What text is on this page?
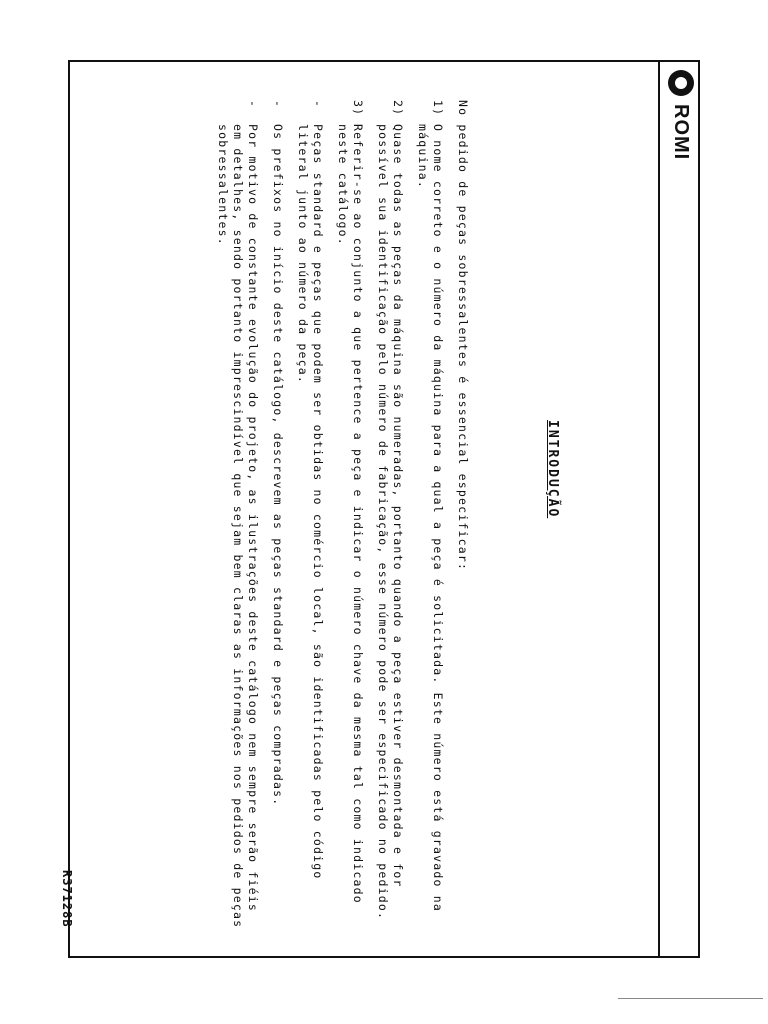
ROMI
INTRODUÇÃO

No pedido de peças sobressalentes é essencial especificar:

1)
O nome correto e o número da máquina para a qual a peça é solicitada. Este número está gravado na máquina.
2)
Quase todas as peças da máquina são numeradas, portanto quando a peça estiver desmontada e for possível sua identificação pelo número de fabricação, esse número pode ser especificado no pedido.
3)
Referir-se ao conjunto a que pertence a peça e indicar o número chave da mesma tal como indicado neste catálogo.
-
Peças standard e peças que podem ser obtidas no comércio local, são identificadas pelo código literal junto ao número da peça.
-
Os prefixos no início deste catálogo, descrevem as peças standard e peças compradas.
-
Por motivo de constante evolução do projeto, as ilustrações deste catálogo nem sempre serão fiéis em detalhes, sendo portanto imprescindível que sejam bem claras as informações nos pedidos de peças sobressalentes.
R37128B
